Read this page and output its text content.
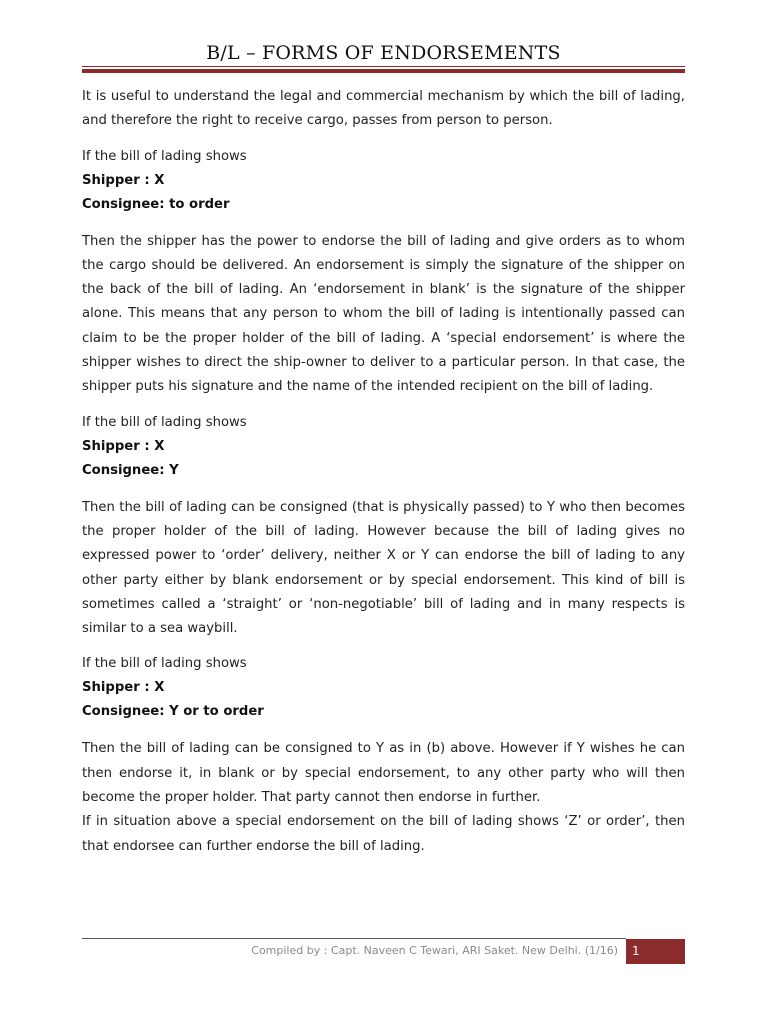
B/L – FORMS OF ENDORSEMENTS

It is useful to understand the legal and commercial mechanism by which the bill of lading, and therefore the right to receive cargo, passes from person to person.

If the bill of lading shows

Shipper : X

Consignee: to order

Then the shipper has the power to endorse the bill of lading and give orders as to whom the cargo should be delivered. An endorsement is simply the signature of the shipper on the back of the bill of lading. An ‘endorsement in blank’ is the signature of the shipper alone. This means that any person to whom the bill of lading is intentionally passed can claim to be the proper holder of the bill of lading. A ‘special endorsement’ is where the shipper wishes to direct the ship-owner to deliver to a particular person. In that case, the shipper puts his signature and the name of the intended recipient on the bill of lading.

If the bill of lading shows

Shipper : X

Consignee: Y

Then the bill of lading can be consigned (that is physically passed) to Y who then becomes the proper holder of the bill of lading. However because the bill of lading gives no expressed power to ‘order’ delivery, neither X or Y can endorse the bill of lading to any other party either by blank endorsement or by special endorsement. This kind of bill is sometimes called a ‘straight’ or ‘non-negotiable’ bill of lading and in many respects is similar to a sea waybill.

If the bill of lading shows

Shipper : X

Consignee: Y or to order

Then the bill of lading can be consigned to Y as in (b) above. However if Y wishes he can then endorse it, in blank or by special endorsement, to any other party who will then become the proper holder. That party cannot then endorse in further.

If in situation above a special endorsement on the bill of lading shows ‘Z’ or order’, then that endorsee can further endorse the bill of lading.

Compiled by : Capt. Naveen C Tewari, ARI Saket. New Delhi. (1/16)	1
